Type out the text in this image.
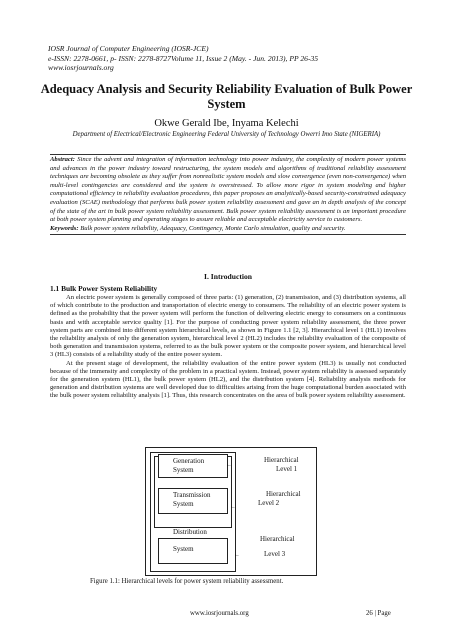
IOSR Journal of Computer Engineering (IOSR-JCE)
e-ISSN: 2278-0661, p- ISSN: 2278-8727Volume 11, Issue 2 (May. - Jun. 2013), PP 26-35
www.iosrjournals.org
Adequacy Analysis and Security Reliability Evaluation of Bulk Power System
Okwe Gerald Ibe, Inyama Kelechi
Department of Electrical/Electronic Engineering Federal University of Technology Owerri Imo State (NIGERIA)
Abstract: Since the advent and integration of information technology into power industry, the complexity of modern power systems and advances in the power industry toward restructuring, the system models and algorithms of traditional reliability assessment techniques are becoming obsolete as they suffer from nonrealistic system models and slow convergence (even non-convergence) when multi-level contingencies are considered and the system is overstressed. To allow more rigor in system modeling and higher computational efficiency in reliability evaluation procedures, this paper proposes an analytically-based security-constrained adequacy evaluation (SCAE) methodology that performs bulk power system reliability assessment and gave an in depth analysis of the concept of the state of the art in bulk power system reliability assessment. Bulk power system reliability assessment is an important procedure at both power system planning and operating stages to assure reliable and acceptable electricity service to customers.
Keywords: Bulk power system reliability, Adequacy, Contingency, Monte Carlo simulation, quality and security.
I. Introduction
1.1 Bulk Power System Reliability

An electric power system is generally composed of three parts: (1) generation, (2) transmission, and (3) distribution systems, all of which contribute to the production and transportation of electric energy to consumers. The reliability of an electric power system is defined as the probability that the power system will perform the function of delivering electric energy to consumers on a continuous basis and with acceptable service quality [1]. For the purpose of conducting power system reliability assessment, the three power system parts are combined into different system hierarchical levels, as shown in Figure 1.1 [2, 3]. Hierarchical level 1 (HL1) involves the reliability analysis of only the generation system, hierarchical level 2 (HL2) includes the reliability evaluation of the composite of both generation and transmission systems, referred to as the bulk power system or the composite power system, and hierarchical level 3 (HL3) consists of a reliability study of the entire power system.

At the present stage of development, the reliability evaluation of the entire power system (HL3) is usually not conducted because of the immensity and complexity of the problem in a practical system. Instead, power system reliability is assessed separately for the generation system (HL1), the bulk power system (HL2), and the distribution system [4]. Reliability analysis methods for generation and distribution systems are well developed due to difficulties arising from the huge computational burden associated with the bulk power system reliability analysis [1]. Thus, this research concentrates on the area of bulk power system reliability assessment.

Generation
System
Transmission
System
Distribution
System
←
←
←
Hierarchical
Level 1
Hierarchical
Level 2
Hierarchical
Level 3
Figure 1.1: Hierarchical levels for power system reliability assessment.
www.iosrjournals.org	26 | Page
